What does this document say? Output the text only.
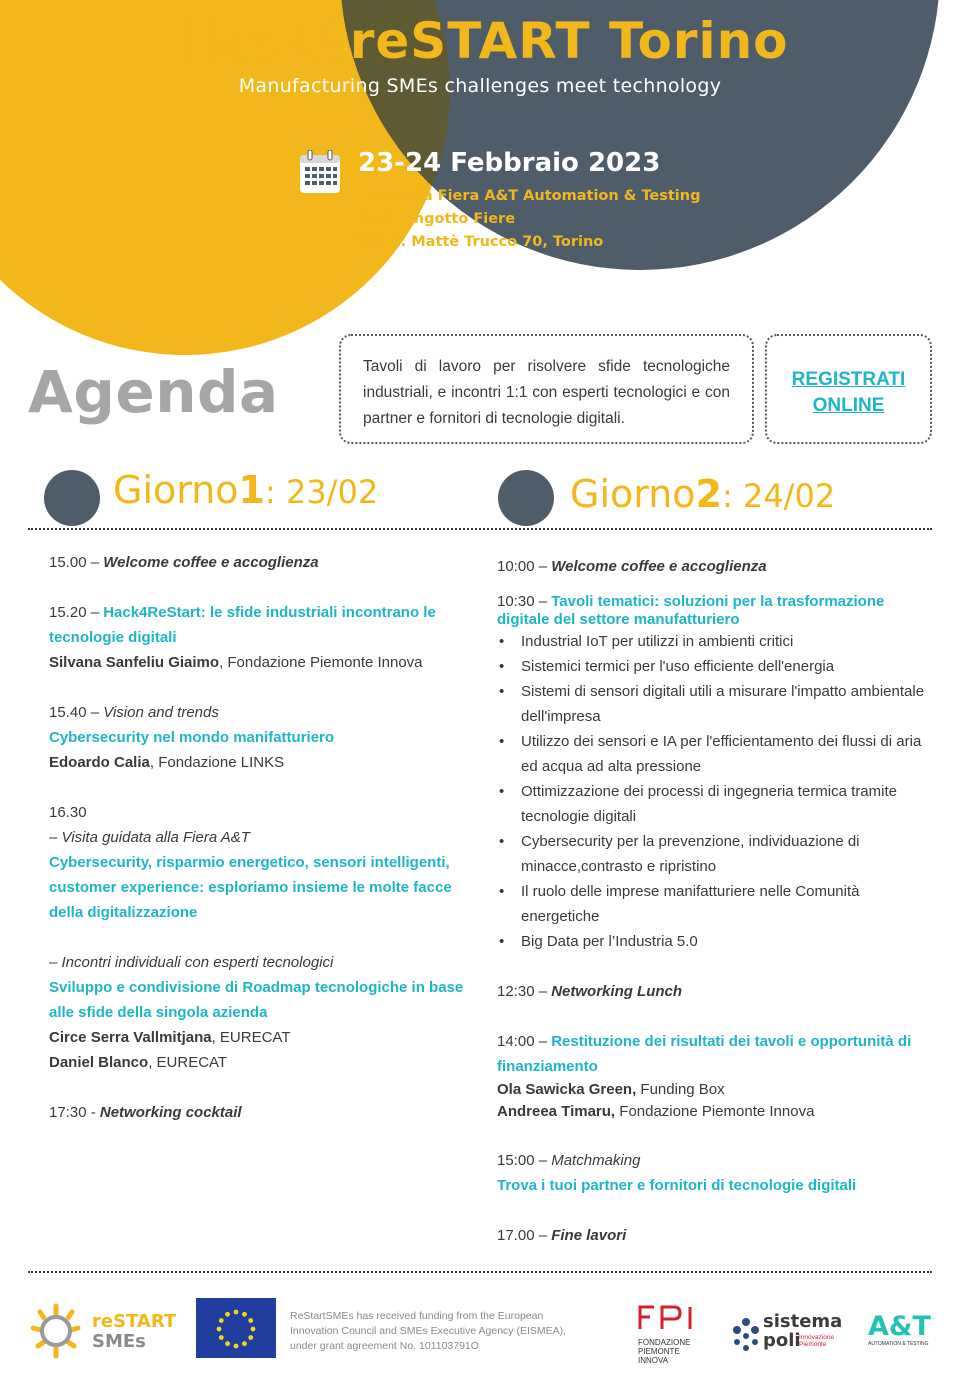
Hack4reSTART Torino
Manufacturing SMEs challenges meet technology
23-24 Febbraio 2023
Presso la Fiera A&T Automation & Testing
Oval Lingotto Fiere
Via G. Mattè Trucco 70, Torino
Agenda	Tavoli di lavoro per risolvere sfide tecnologiche industriali, e incontri 1:1 con esperti tecnologici e con partner e fornitori di tecnologie digitali.
REGISTRATI
ONLINE
Giorno1: 23/02	Giorno2: 24/02
15.00 – Welcome coffee e accoglienza
15.20 – Hack4ReStart: le sfide industriali incontrano le tecnologie digitali
Silvana Sanfeliu Giaimo, Fondazione Piemonte Innova
15.40 – Vision and trends
Cybersecurity nel mondo manifatturiero
Edoardo Calia, Fondazione LINKS
16.30
– Visita guidata alla Fiera A&T
Cybersecurity, risparmio energetico, sensori intelligenti, customer experience: esploriamo insieme le molte facce della digitalizzazione
– Incontri individuali con esperti tecnologici
Sviluppo e condivisione di Roadmap tecnologiche in base alle sfide della singola azienda
Circe Serra Vallmitjana, EURECAT
Daniel Blanco, EURECAT
17:30 - Networking cocktail
10:00 – Welcome coffee e accoglienza
10:30 – Tavoli tematici: soluzioni per la trasformazione digitale del settore manufatturiero
• Industrial IoT per utilizzi in ambienti critici
• Sistemici termici per l'uso efficiente dell'energia
• Sistemi di sensori digitali utili a misurare l'impatto ambientale dell'impresa
• Utilizzo dei sensori e IA per l'efficientamento dei flussi di aria ed acqua ad alta pressione
• Ottimizzazione dei processi di ingegneria termica tramite tecnologie digitali
• Cybersecurity per la prevenzione, individuazione di minacce,contrasto e ripristino
• Il ruolo delle imprese manifatturiere nelle Comunità energetiche
• Big Data per l’Industria 5.0
12:30 – Networking Lunch
14:00 – Restituzione dei risultati dei tavoli e opportunità di finanziamento
Ola Sawicka Green, Funding Box
Andreea Timaru, Fondazione Piemonte Innova
15:00 – Matchmaking
Trova i tuoi partner e fornitori di tecnologie digitali
17.00 – Fine lavori
reSTART
SMEs
ReStartSMEs has received funding from the European Innovation Council and SMEs Executive Agency (EISMEA), under grant agreement No. 101103791O	FONDAZIONE
PIEMONTE
INNOVA
sistema
poli
Innovazione
Piemonte
A&T
AUTOMATION & TESTING
